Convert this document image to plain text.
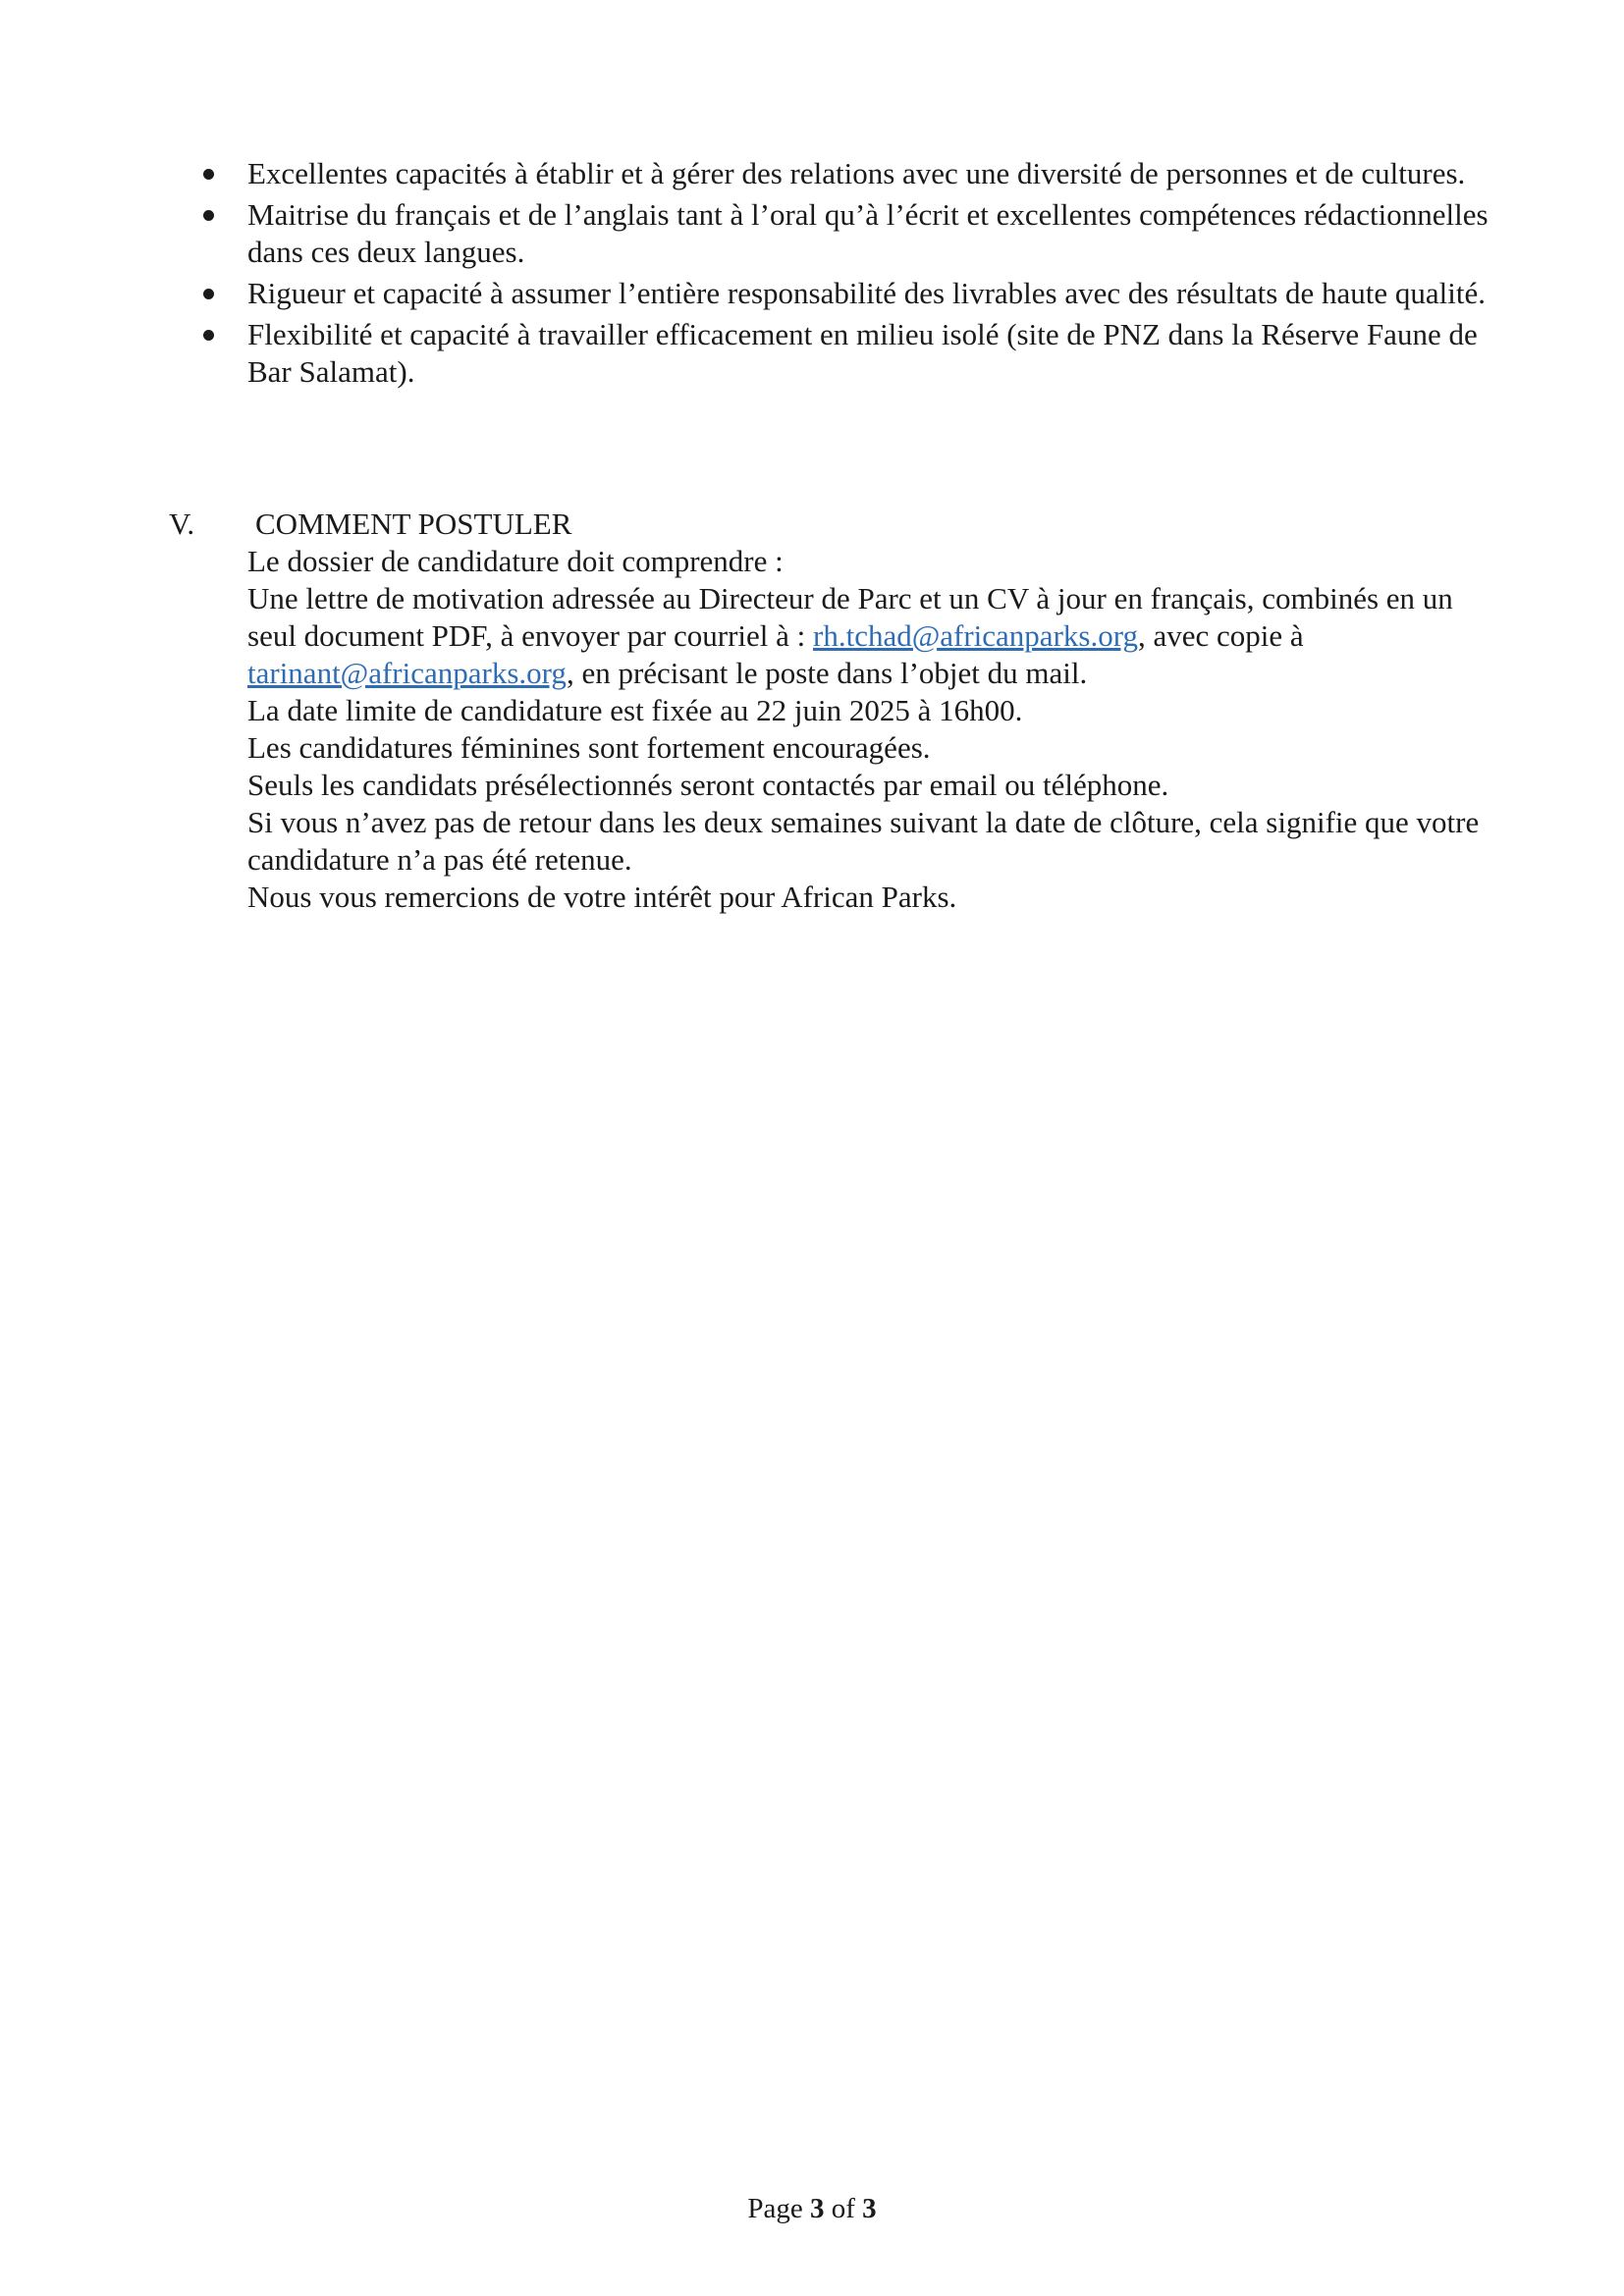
Excellentes capacités à établir et à gérer des relations avec une diversité de personnes et de cultures.
Maitrise du français et de l’anglais tant à l’oral qu’à l’écrit et excellentes compétences rédactionnelles dans ces deux langues.
Rigueur et capacité à assumer l’entière responsabilité des livrables avec des résultats de haute qualité.
Flexibilité et capacité à travailler efficacement en milieu isolé (site de PNZ dans la Réserve Faune de Bar Salamat).
V. COMMENT POSTULER

Le dossier de candidature doit comprendre :

Une lettre de motivation adressée au Directeur de Parc et un CV à jour en français, combinés en un seul document PDF, à envoyer par courriel à : rh.tchad@africanparks.org, avec copie à tarinant@africanparks.org, en précisant le poste dans l’objet du mail.

La date limite de candidature est fixée au 22 juin 2025 à 16h00.

Les candidatures féminines sont fortement encouragées.

Seuls les candidats présélectionnés seront contactés par email ou téléphone.

Si vous n’avez pas de retour dans les deux semaines suivant la date de clôture, cela signifie que votre candidature n’a pas été retenue.

Nous vous remercions de votre intérêt pour African Parks.

Page 3 of 3
